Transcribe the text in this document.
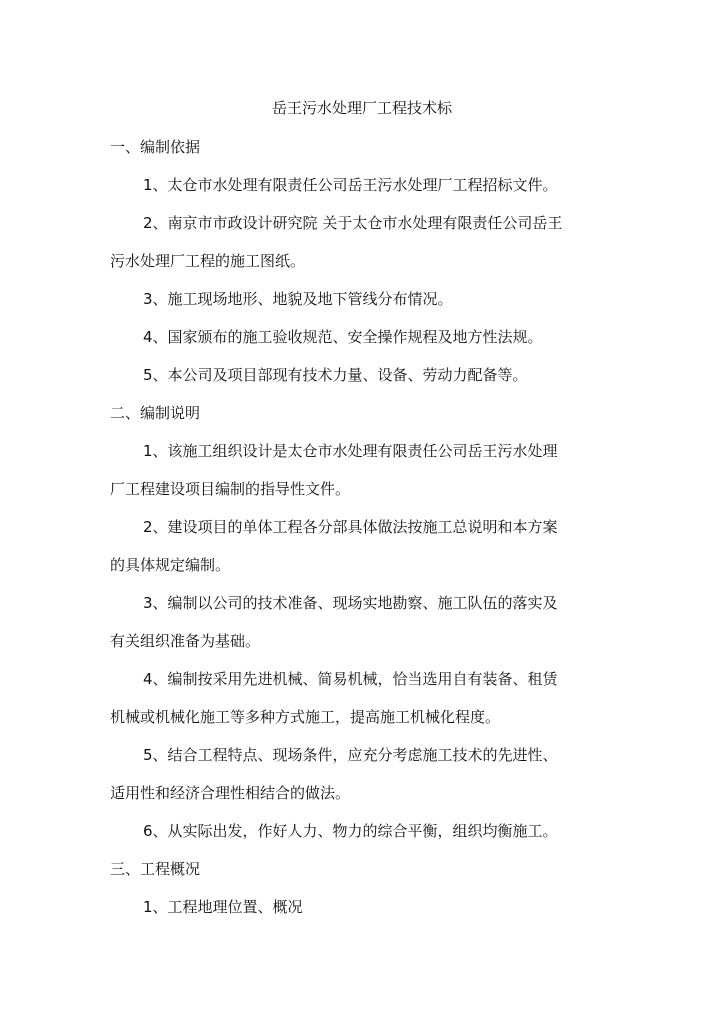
岳王污水处理厂工程技术标
一、编制依据
1、太仓市水处理有限责任公司岳王污水处理厂工程招标文件。
2、南京市市政设计研究院 关于太仓市水处理有限责任公司岳王
污水处理厂工程的施工图纸。
3、施工现场地形、地貌及地下管线分布情况。
4、国家颁布的施工验收规范、安全操作规程及地方性法规。
5、本公司及项目部现有技术力量、设备、劳动力配备等。
二、编制说明
1、该施工组织设计是太仓市水处理有限责任公司岳王污水处理
厂工程建设项目编制的指导性文件。
2、建设项目的单体工程各分部具体做法按施工总说明和本方案
的具体规定编制。
3、编制以公司的技术准备、现场实地勘察、施工队伍的落实及
有关组织准备为基础。
4、编制按采用先进机械、简易机械，恰当选用自有装备、租赁
机械或机械化施工等多种方式施工，提高施工机械化程度。
5、结合工程特点、现场条件，应充分考虑施工技术的先进性、
适用性和经济合理性相结合的做法。
6、从实际出发，作好人力、物力的综合平衡，组织均衡施工。
三、工程概况
1、工程地理位置、概况
